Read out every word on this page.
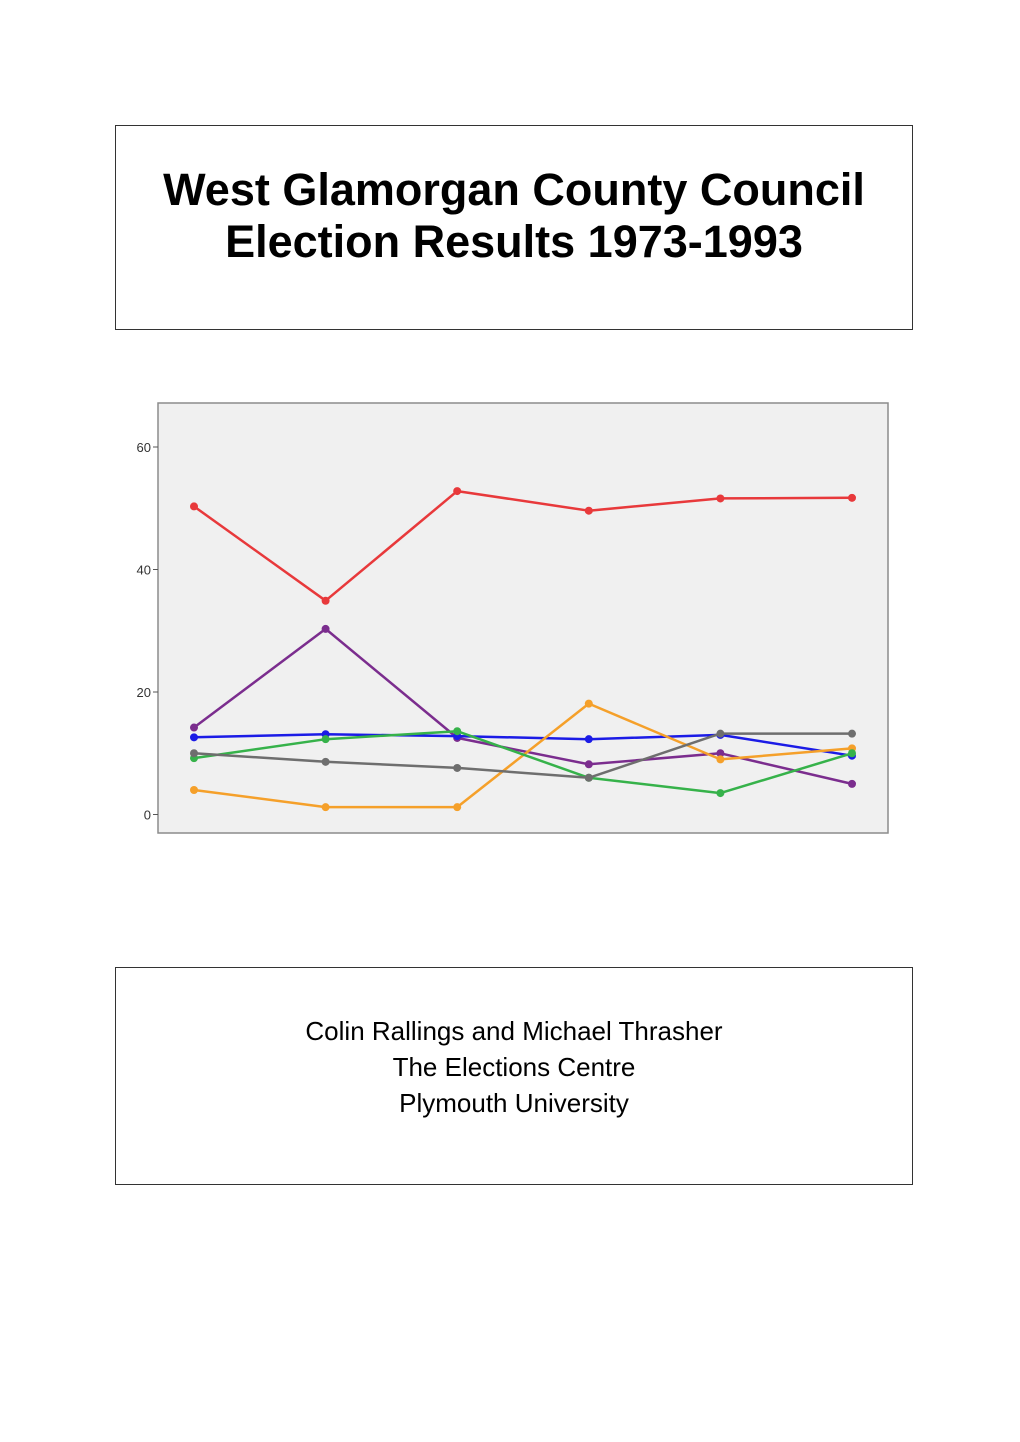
West Glamorgan County Council
Election Results 1973-1993
0
20
40
60
Colin Rallings and Michael Thrasher
The Elections Centre
Plymouth University
